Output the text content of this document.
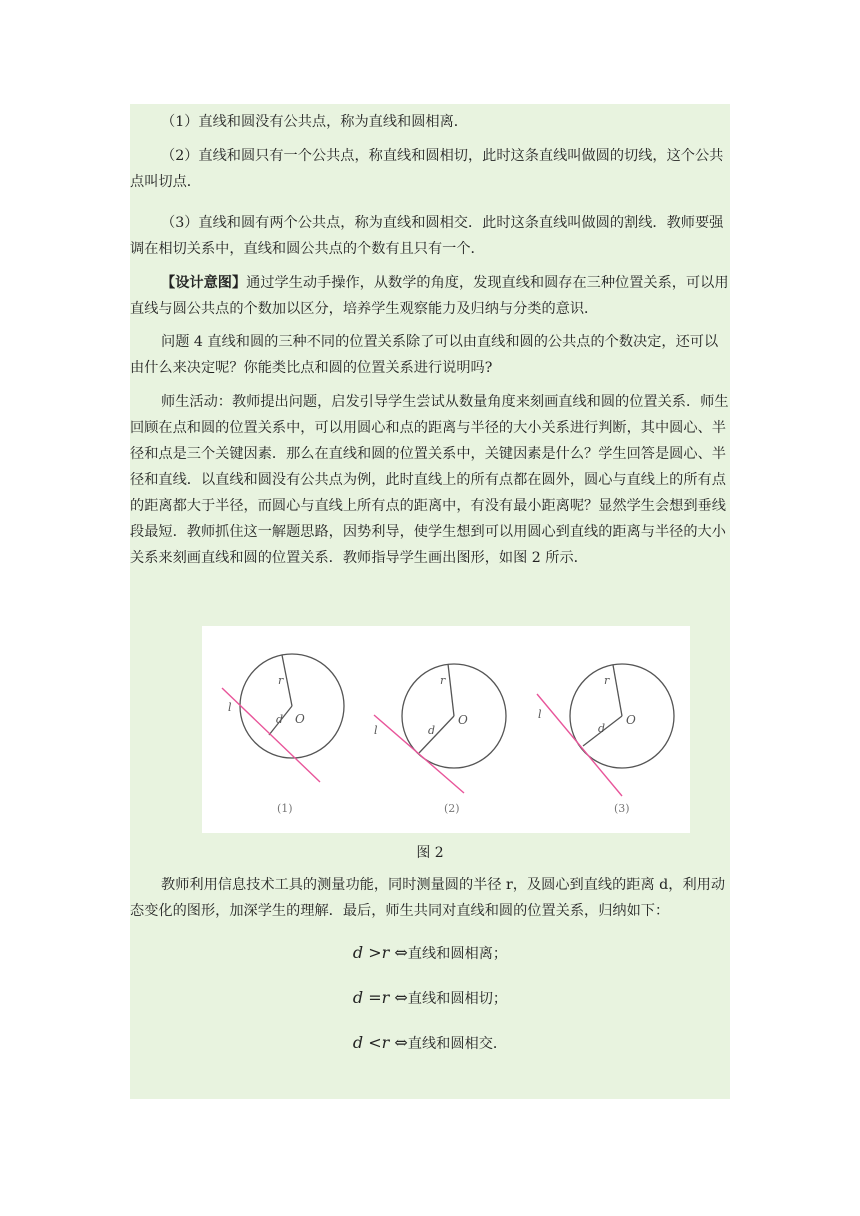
（1）直线和圆没有公共点，称为直线和圆相离．

（2）直线和圆只有一个公共点，称直线和圆相切，此时这条直线叫做圆的切线，这个公共点叫切点．

（3）直线和圆有两个公共点，称为直线和圆相交．此时这条直线叫做圆的割线．教师要强调在相切关系中，直线和圆公共点的个数有且只有一个．

【设计意图】通过学生动手操作，从数学的角度，发现直线和圆存在三种位置关系，可以用直线与圆公共点的个数加以区分，培养学生观察能力及归纳与分类的意识．

问题 4 直线和圆的三种不同的位置关系除了可以由直线和圆的公共点的个数决定，还可以由什么来决定呢？你能类比点和圆的位置关系进行说明吗?

师生活动：教师提出问题，启发引导学生尝试从数量角度来刻画直线和圆的位置关系．师生回顾在点和圆的位置关系中，可以用圆心和点的距离与半径的大小关系进行判断，其中圆心、半径和点是三个关键因素．那么在直线和圆的位置关系中，关键因素是什么？学生回答是圆心、半径和直线．以直线和圆没有公共点为例，此时直线上的所有点都在圆外，圆心与直线上的所有点的距离都大于半径，而圆心与直线上所有点的距离中，有没有最小距离呢？显然学生会想到垂线段最短．教师抓住这一解题思路，因势利导，使学生想到可以用圆心到直线的距离与半径的大小关系来刻画直线和圆的位置关系．教师指导学生画出图形，如图 2 所示．

r
d O
l
(1)
r
d
O
l
(2)
r
d
O
l
(3)
图 2

教师利用信息技术工具的测量功能，同时测量圆的半径 r，及圆心到直线的距离 d，利用动态变化的图形，加深学生的理解．最后，师生共同对直线和圆的位置关系，归纳如下：

d >r ⇔直线和圆相离；
d =r ⇔直线和圆相切；
d <r ⇔直线和圆相交．
